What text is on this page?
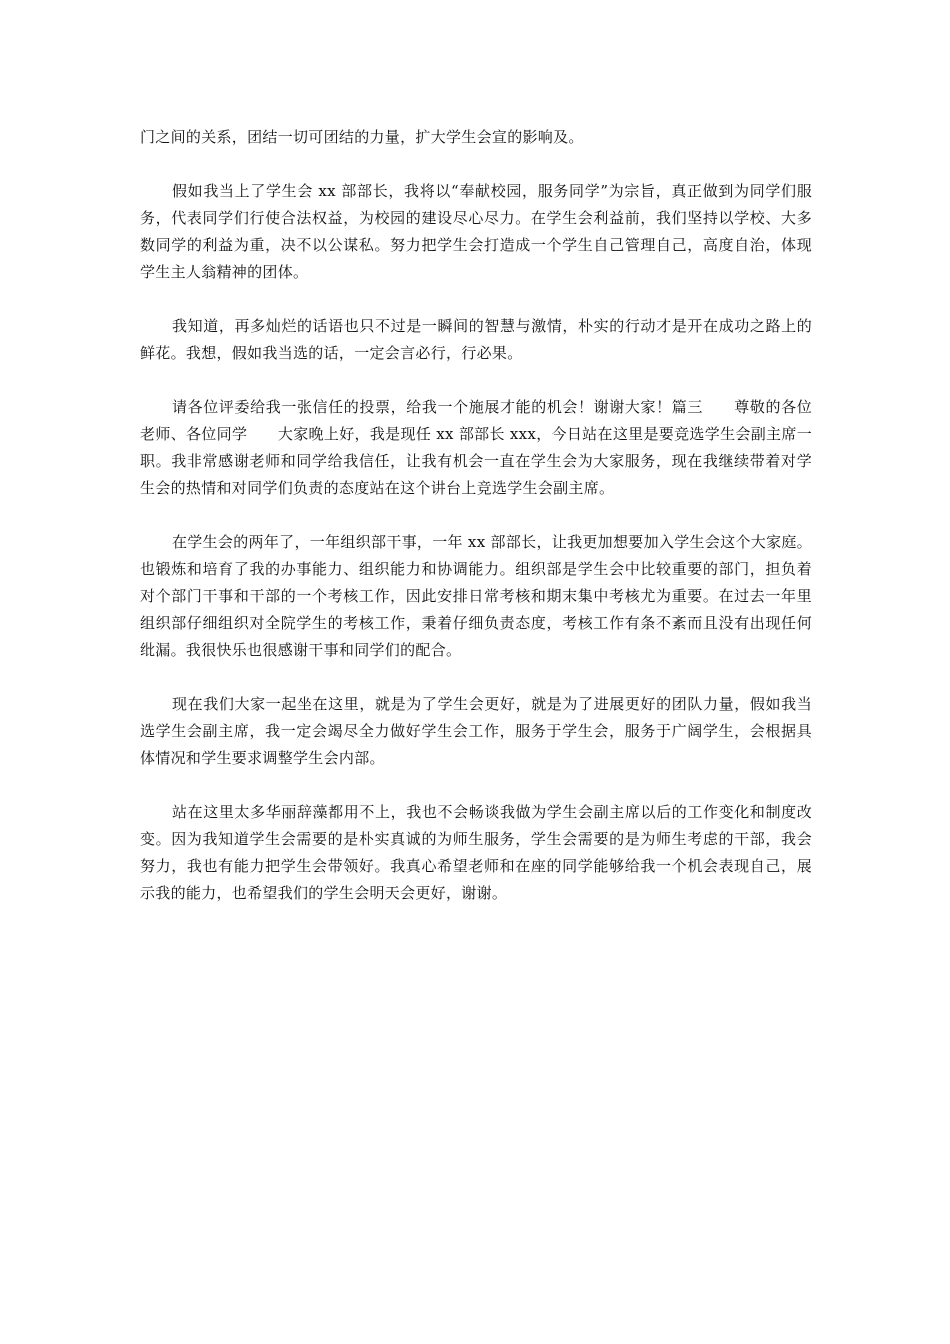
门之间的关系，团结一切可团结的力量，扩大学生会宣的影响及。

假如我当上了学生会 xx 部部长，我将以“奉献校园，服务同学”为宗旨，真正做到为同学们服务，代表同学们行使合法权益，为校园的建设尽心尽力。在学生会利益前，我们坚持以学校、大多数同学的利益为重，决不以公谋私。努力把学生会打造成一个学生自己管理自己，高度自治，体现学生主人翁精神的团体。

我知道，再多灿烂的话语也只不过是一瞬间的智慧与激情，朴实的行动才是开在成功之路上的鲜花。我想，假如我当选的话，一定会言必行，行必果。

请各位评委给我一张信任的投票，给我一个施展才能的机会！谢谢大家！篇三　　尊敬的各位老师、各位同学　　大家晚上好，我是现任 xx 部部长 xxx，今日站在这里是要竞选学生会副主席一职。我非常感谢老师和同学给我信任，让我有机会一直在学生会为大家服务，现在我继续带着对学生会的热情和对同学们负责的态度站在这个讲台上竞选学生会副主席。

在学生会的两年了，一年组织部干事，一年 xx 部部长，让我更加想要加入学生会这个大家庭。也锻炼和培育了我的办事能力、组织能力和协调能力。组织部是学生会中比较重要的部门，担负着对个部门干事和干部的一个考核工作，因此安排日常考核和期末集中考核尤为重要。在过去一年里组织部仔细组织对全院学生的考核工作，秉着仔细负责态度，考核工作有条不紊而且没有出现任何纰漏。我很快乐也很感谢干事和同学们的配合。

现在我们大家一起坐在这里，就是为了学生会更好，就是为了进展更好的团队力量，假如我当选学生会副主席，我一定会竭尽全力做好学生会工作，服务于学生会，服务于广阔学生，会根据具体情况和学生要求调整学生会内部。

站在这里太多华丽辞藻都用不上，我也不会畅谈我做为学生会副主席以后的工作变化和制度改变。因为我知道学生会需要的是朴实真诚的为师生服务，学生会需要的是为师生考虑的干部，我会努力，我也有能力把学生会带领好。我真心希望老师和在座的同学能够给我一个机会表现自己，展示我的能力，也希望我们的学生会明天会更好，谢谢。
